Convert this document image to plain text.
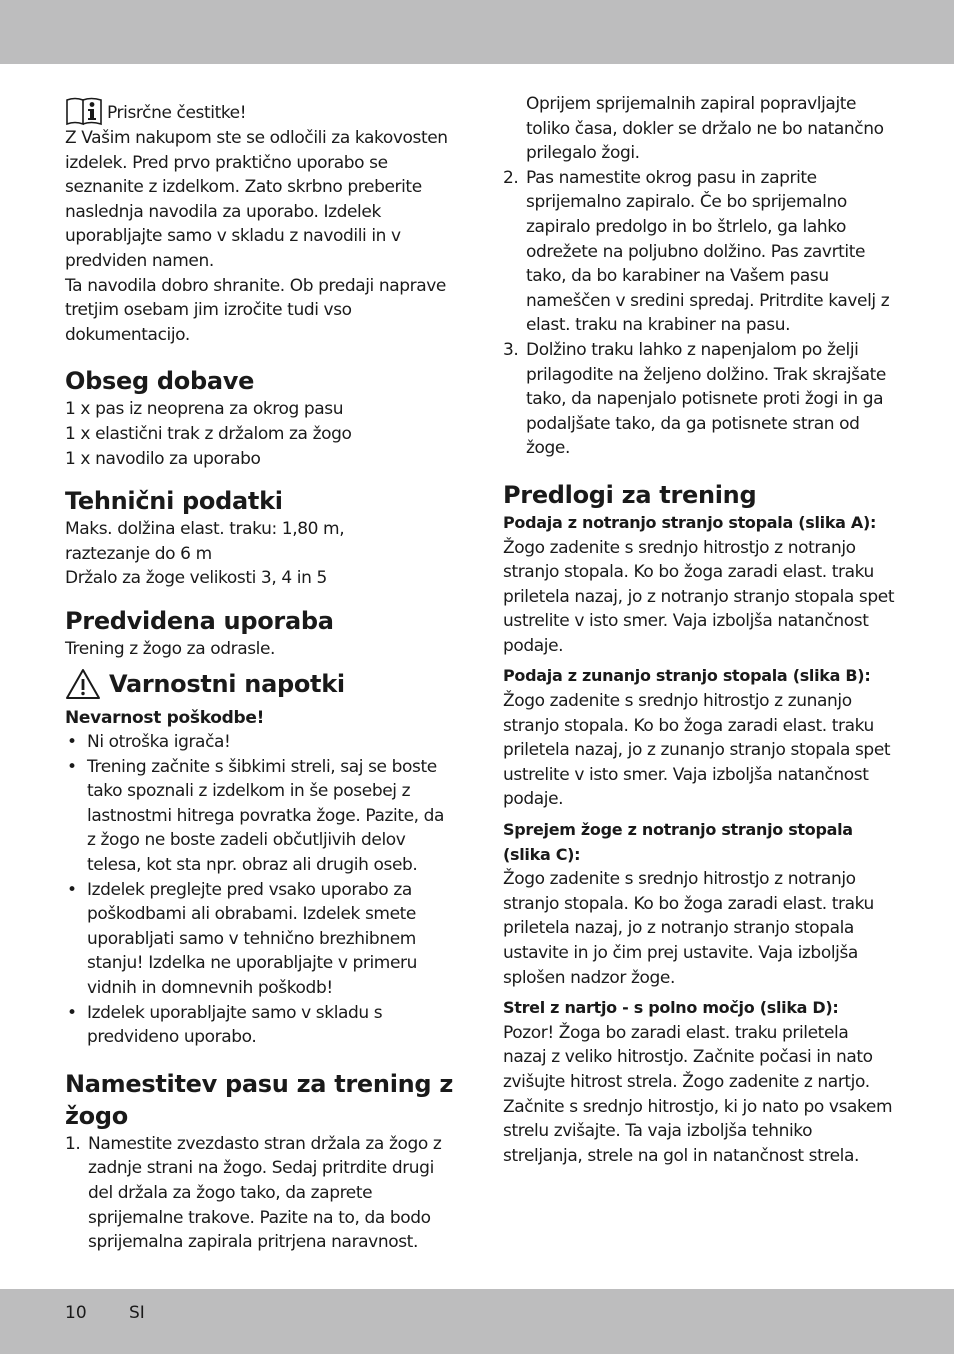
Prisrčne čestitke!

Z Vašim nakupom ste se odločili za kakovosten izdelek. Pred prvo praktično uporabo se seznanite z izdelkom. Zato skrbno preberite naslednja navodila za uporabo. Izdelek uporabljajte samo v skladu z navodili in v predviden namen.

Ta navodila dobro shranite. Ob predaji naprave tretjim osebam jim izročite tudi vso dokumentacijo.

Obseg dobave

1 x pas iz neoprena za okrog pasu

1 x elastični trak z držalom za žogo

1 x navodilo za uporabo

Tehnični podatki

Maks. dolžina elast. traku: 1,80 m,

raztezanje do 6 m

Držalo za žoge velikosti 3, 4 in 5

Predvidena uporaba

Trening z žogo za odrasle.

Varnostni napotki
Nevarnost poškodbe!
• Ni otroška igrača!
• Trening začnite s šibkimi streli, saj se boste tako spoznali z izdelkom in še posebej z lastnostmi hitrega povratka žoge. Pazite, da z žogo ne boste zadeli občutljivih delov telesa, kot sta npr. obraz ali drugih oseb.
• Izdelek preglejte pred vsako uporabo za poškodbami ali obrabami. Izdelek smete uporabljati samo v tehnično brezhibnem stanju! Izdelka ne uporabljajte v primeru vidnih in domnevnih poškodb!
• Izdelek uporabljajte samo v skladu s predvideno uporabo.
Namestitev pasu za trening z žogo
1. Namestite zvezdasto stran držala za žogo z zadnje strani na žogo. Sedaj pritrdite drugi del držala za žogo tako, da zaprete sprijemalne trakove. Pazite na to, da bodo sprijemalna zapirala pritrjena naravnost.
Oprijem sprijemalnih zapiral popravljajte toliko časa, dokler se držalo ne bo natančno prilegalo žogi.
2. Pas namestite okrog pasu in zaprite sprijemalno zapiralo. Če bo sprijemalno zapiralo predolgo in bo štrlelo, ga lahko odrežete na poljubno dolžino. Pas zavrtite tako, da bo karabiner na Vašem pasu nameščen v sredini spredaj. Pritrdite kavelj z elast. traku na krabiner na pasu.
3. Dolžino traku lahko z napenjalom po želji prilagodite na željeno dolžino. Trak skrajšate tako, da napenjalo potisnete proti žogi in ga podaljšate tako, da ga potisnete stran od žoge.
Predlogi za trening
Podaja z notranjo stranjo stopala (slika A):

Žogo zadenite s srednjo hitrostjo z notranjo stranjo stopala. Ko bo žoga zaradi elast. traku priletela nazaj, jo z notranjo stranjo stopala spet ustrelite v isto smer. Vaja izboljša natančnost podaje.

Podaja z zunanjo stranjo stopala (slika B):

Žogo zadenite s srednjo hitrostjo z zunanjo stranjo stopala. Ko bo žoga zaradi elast. traku priletela nazaj, jo z zunanjo stranjo stopala spet ustrelite v isto smer. Vaja izboljša natančnost podaje.

Sprejem žoge z notranjo stranjo stopala (slika C):

Žogo zadenite s srednjo hitrostjo z notranjo stranjo stopala. Ko bo žoga zaradi elast. traku priletela nazaj, jo z notranjo stranjo stopala ustavite in jo čim prej ustavite. Vaja izboljša splošen nadzor žoge.

Strel z nartjo - s polno močjo (slika D):

Pozor! Žoga bo zaradi elast. traku priletela nazaj z veliko hitrostjo. Začnite počasi in nato zvišujte hitrost strela. Žogo zadenite z nartjo. Začnite s srednjo hitrostjo, ki jo nato po vsakem strelu zvišajte. Ta vaja izboljša tehniko streljanja, strele na gol in natančnost strela.

10 SI
